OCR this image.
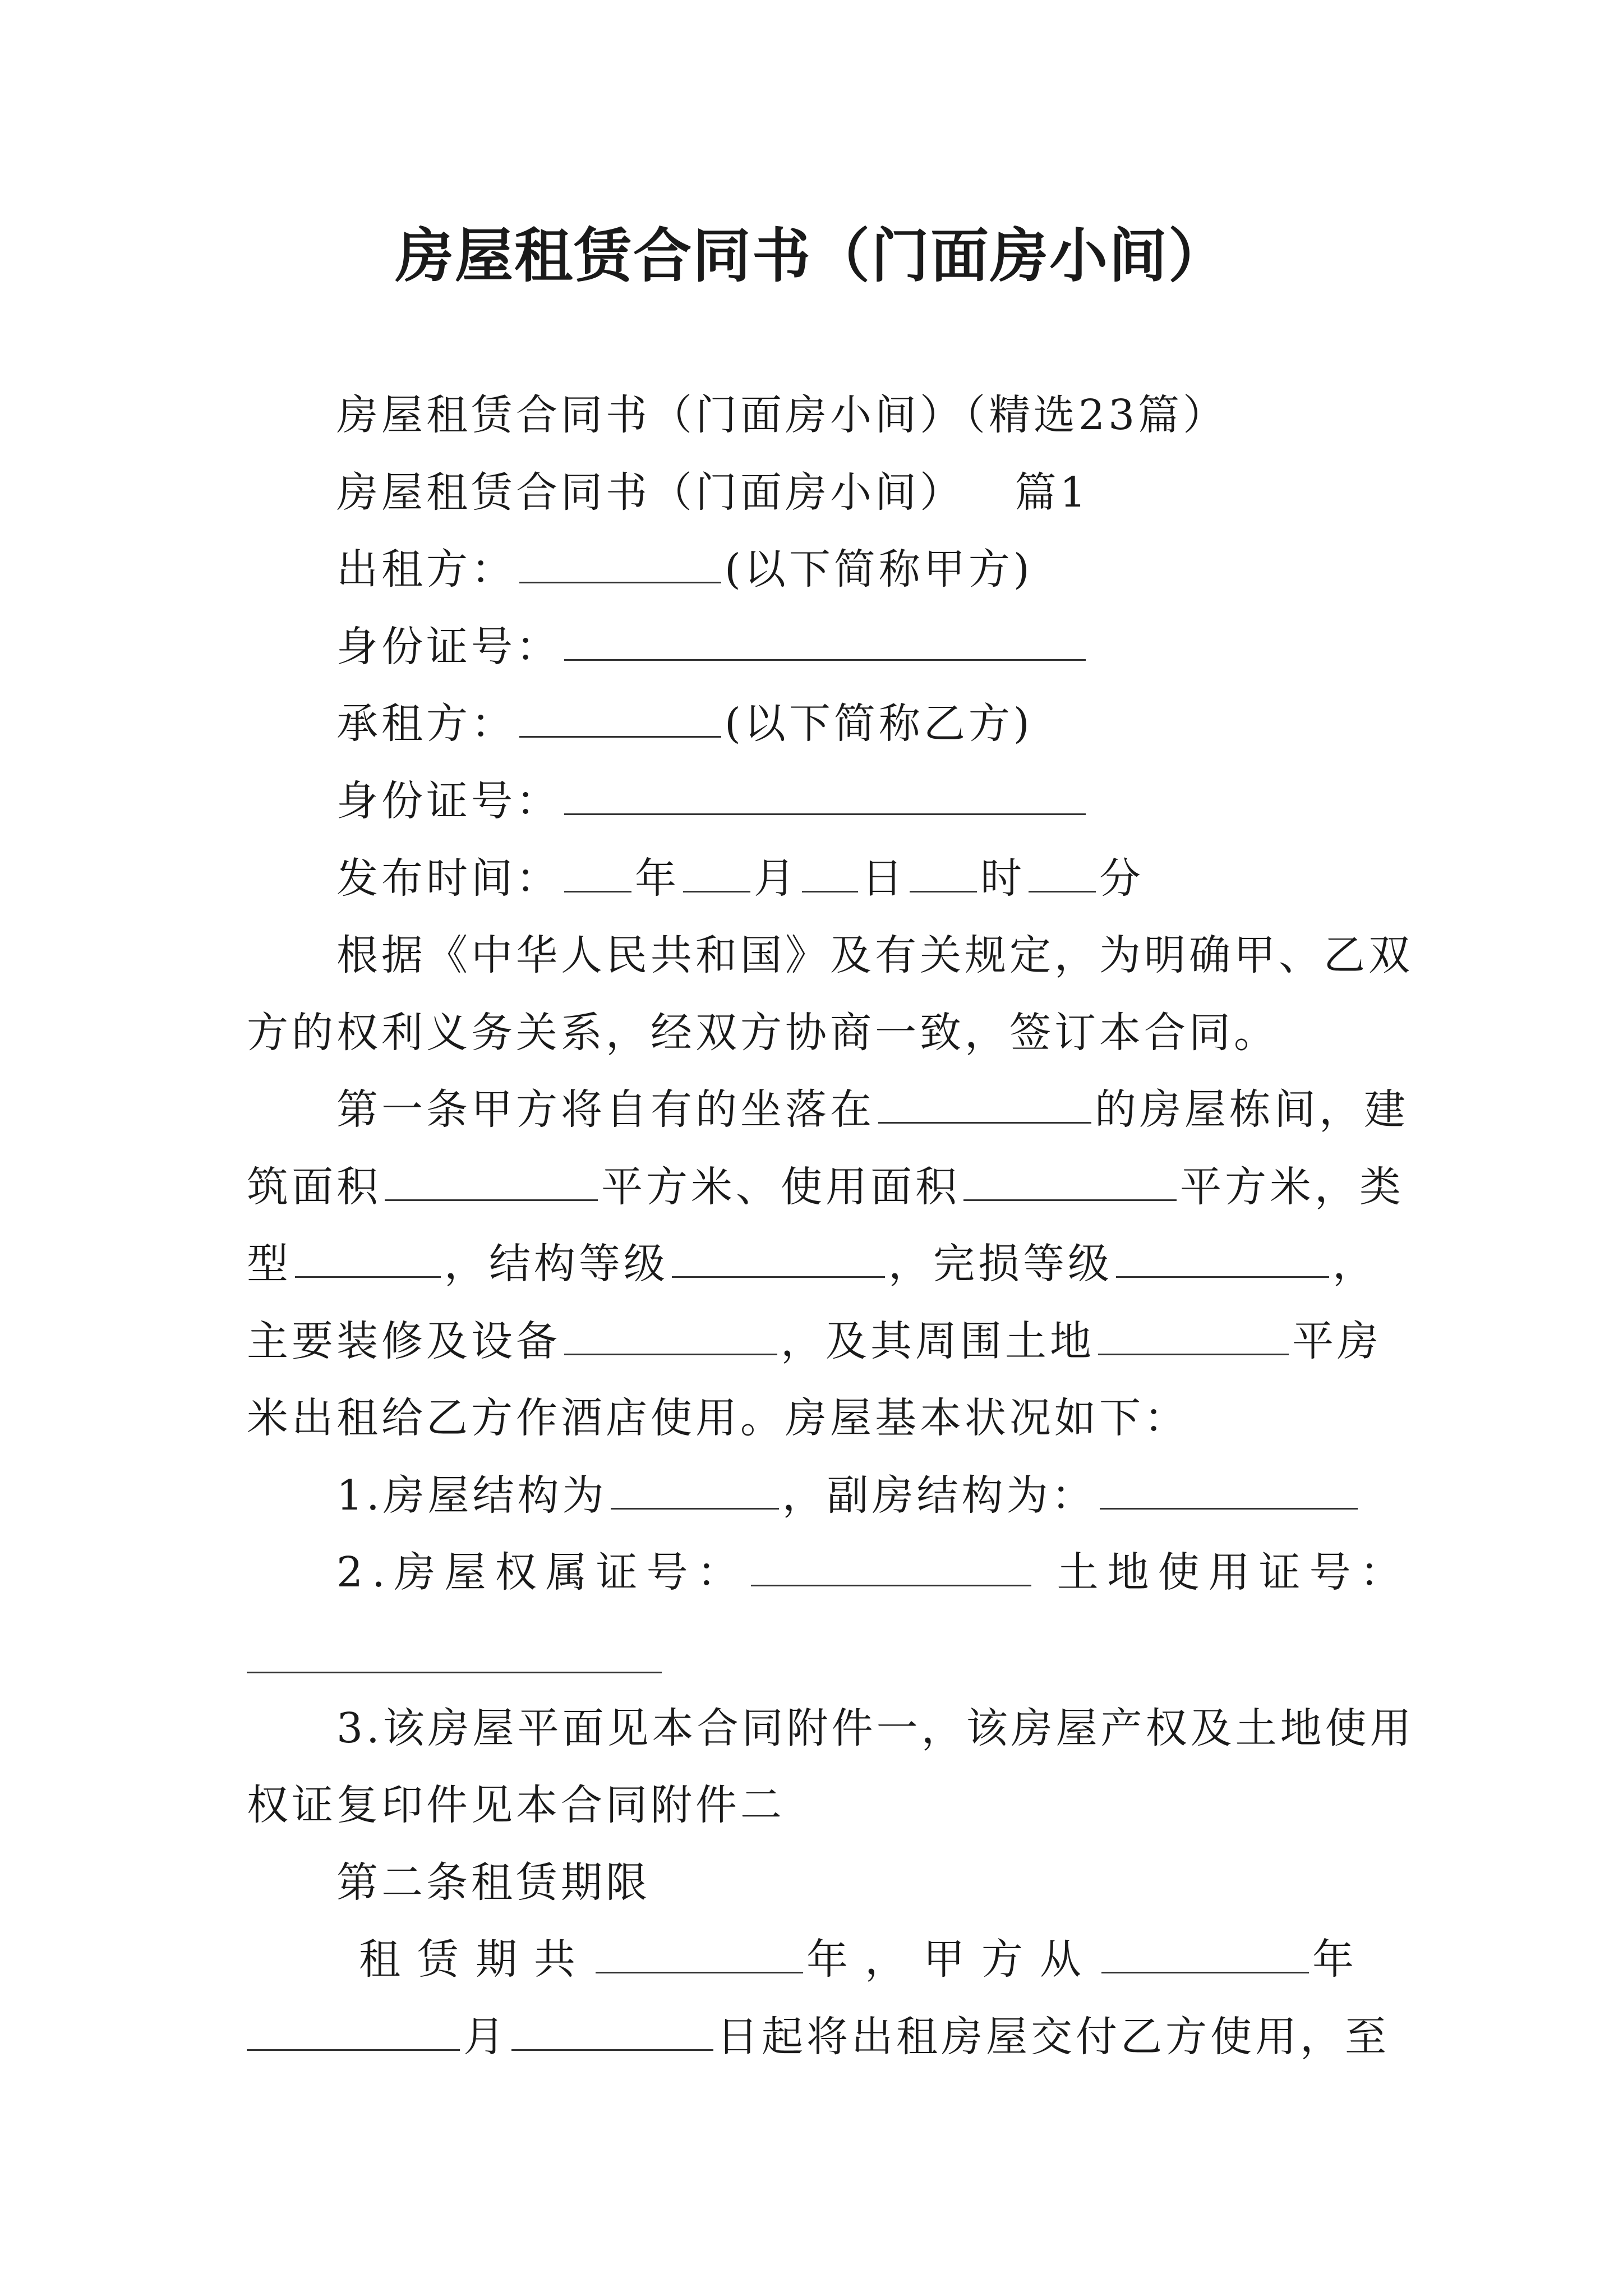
房屋租赁合同书（门面房小间）
房屋租赁合同书（门面房小间）（精选23篇）
房屋租赁合同书（门面房小间） 篇1
出租方：	(以下简称甲方)
身份证号：
承租方：	(以下简称乙方)
身份证号：
发布时间： 年 月 日 时 分
根据《中华人民共和国》及有关规定，为明确甲、乙双
方的权利义务关系，经双方协商一致，签订本合同。
第一条甲方将自有的坐落在	的房屋栋间，建
筑面积	平方米、使用面积	平方米，类
型	，结构等级	，完损等级	，
主要装修及设备	，及其周围土地	平房
米出租给乙方作酒店使用。房屋基本状况如下：
1.房屋结构为	，副房结构为：
2.房屋权属证号：	土地使用证号：
3.该房屋平面见本合同附件一，该房屋产权及土地使用
权证复印件见本合同附件二
第二条租赁期限
租赁期共	年，甲方从	年
月	日起将出租房屋交付乙方使用，至
